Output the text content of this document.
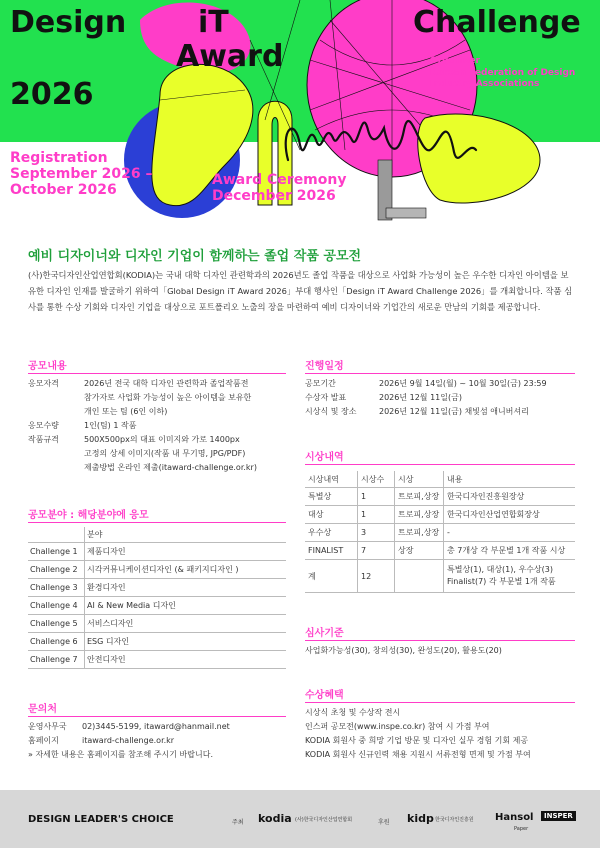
Design iT
Award
Challenge
2026
Organizer
Korean Federation of Design
Industry Associations
Registration
September 2026 –
October 2026
Award Ceremony
December 2026
예비 디자이너와 디자인 기업이 함께하는 졸업 작품 공모전
(사)한국디자인산업연합회(KODIA)는 국내 대학 디자인 관련학과의 2026년도 졸업 작품을 대상으로 사업화 가능성이 높은 우수한 디자인 아이템을 보유한 디자인 인재를 발굴하기 위하여「Global Design iT Award 2026」부대 행사인「Design iT Award Challenge 2026」를 개최합니다. 작품 심사를 통한 수상 기회와 디자인 기업을 대상으로 포트폴리오 노출의 장을 마련하여 예비 디자이너와 기업간의 새로운 만남의 기회를 제공합니다.
공모내용
응모자격	2026년 전국 대학 디자인 관련학과 졸업작품전
참가자로 사업화 가능성이 높은 아이템을 보유한
개인 또는 팀 (6인 이하)
응모수량	1인(팀) 1 작품
작품규격	500X500px의 대표 이미지와 가로 1400px
고정의 상세 이미지(작품 내 무기명, JPG/PDF)
제출방법 온라인 제출(itaward-challenge.or.kr)
공모분야 : 해당분야에 응모
	분야
Challenge 1	제품디자인
Challenge 2	시각커뮤니케이션디자인 (& 패키지디자인 )
Challenge 3	환경디자인
Challenge 4	AI & New Media 디자인
Challenge 5	서비스디자인
Challenge 6	ESG 디자인
Challenge 7	안전디자인
문의처
운영사무국	02)3445-5199, itaward@hanmail.net
홈페이지	itaward-challenge.or.kr
» 자세한 내용은 홈페이지를 참조해 주시기 바랍니다.
진행일정
공모기간	2026년 9월 14일(월) ~ 10월 30일(금) 23:59
수상자 발표	2026년 12월 11일(금)
시상식 및 장소	2026년 12월 11일(금) 채빛섬 애니버셔리
시상내역
시상내역	시상수	시상	내용
특별상	1	트로피,상장	한국디자인진흥원장상
대상	1	트로피,상장	한국디자인산업연합회장상
우수상	3	트로피,상장	-
FINALIST	7	상장	총 7개상 각 부문별 1개 작품 시상
계	12		특별상(1), 대상(1), 우수상(3)
Finalist(7) 각 부문별 1개 작품
심사기준
사업화가능성(30), 창의성(30), 완성도(20), 활용도(20)
수상혜택
시상식 초청 및 수상작 전시
인스퍼 공모전(www.inspe.co.kr) 참여 시 가점 부여
KODIA 회원사 중 희망 기업 방문 및 디자인 실무 경험 기회 제공
KODIA 회원사 신규인력 채용 지원시 서류전형 면제 및 가점 부여
DESIGN LEADER'S CHOICE	주최 kodia (사)한국디자인산업연합회	후원 kidp 한국디자인진흥원 Hansol
Paper
INSPER
